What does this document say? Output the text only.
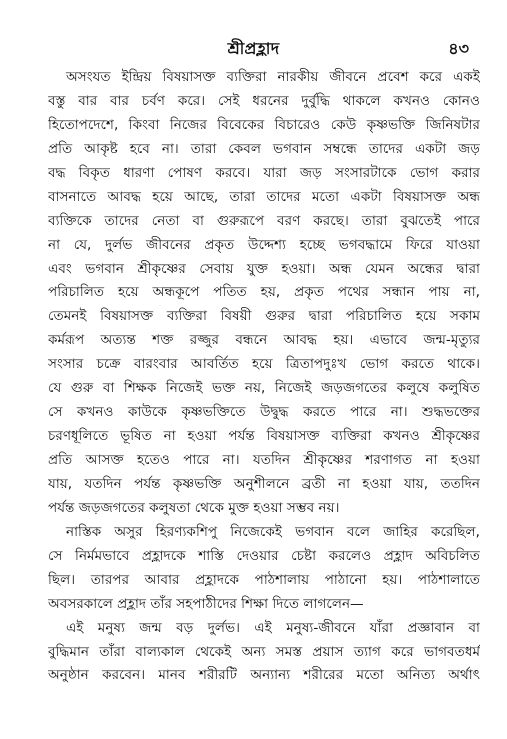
শ্রীপ্রহ্লাদ	৪৩
অসংযত ইন্দ্রিয় বিষয়াসক্ত ব্যক্তিরা নারকীয় জীবনে প্রবেশ করে একই
বস্তু বার বার চর্বণ করে। সেই ধরনের দুর্বুদ্ধি থাকলে কখনও কোনও
হিতোপদেশে, কিংবা নিজের বিবেকের বিচারেও কেউ কৃষ্ণভক্তি জিনিষটার
প্রতি আকৃষ্ট হবে না। তারা কেবল ভগবান সম্বন্ধে তাদের একটা জড়
বদ্ধ বিকৃত ধারণা পোষণ করবে। যারা জড় সংসারটাকে ভোগ করার
বাসনাতে আবদ্ধ হয়ে আছে, তারা তাদের মতো একটা বিষয়াসক্ত অন্ধ
ব্যক্তিকে তাদের নেতা বা গুরুরূপে বরণ করছে। তারা বুঝতেই পারে
না যে, দুর্লভ জীবনের প্রকৃত উদ্দেশ্য হচ্ছে ভগবদ্ধামে ফিরে যাওয়া
এবং ভগবান শ্রীকৃষ্ণের সেবায় যুক্ত হওয়া। অন্ধ যেমন অন্ধের দ্বারা
পরিচালিত হয়ে অন্ধকূপে পতিত হয়, প্রকৃত পথের সন্ধান পায় না,
তেমনই বিষয়াসক্ত ব্যক্তিরা বিষয়ী গুরুর দ্বারা পরিচালিত হয়ে সকাম
কর্মরূপ অত্যন্ত শক্ত রজ্জুর বন্ধনে আবদ্ধ হয়। এভাবে জন্ম-মৃত্যুর
সংসার চক্রে বারংবার আবর্তিত হয়ে ত্রিতাপদুঃখ ভোগ করতে থাকে।
যে গুরু বা শিক্ষক নিজেই ভক্ত নয়, নিজেই জড়জগতের কলুষে কলুষিত
সে কখনও কাউকে কৃষ্ণভক্তিতে উদ্বুদ্ধ করতে পারে না। শুদ্ধভক্তের
চরণধূলিতে ভূষিত না হওয়া পর্যন্ত বিষয়াসক্ত ব্যক্তিরা কখনও শ্রীকৃষ্ণের
প্রতি আসক্ত হতেও পারে না। যতদিন শ্রীকৃষ্ণের শরণাগত না হওয়া
যায়, যতদিন পর্যন্ত কৃষ্ণভক্তি অনুশীলনে ব্রতী না হওয়া যায়, ততদিন
পর্যন্ত জড়জগতের কলুষতা থেকে মুক্ত হওয়া সম্ভব নয়।
নাস্তিক অসুর হিরণ্যকশিপু নিজেকেই ভগবান বলে জাহির করেছিল,
সে নির্মমভাবে প্রহ্লাদকে শাস্তি দেওয়ার চেষ্টা করলেও প্রহ্লাদ অবিচলিত
ছিল। তারপর আবার প্রহ্লাদকে পাঠশালায় পাঠানো হয়। পাঠশালাতে
অবসরকালে প্রহ্লাদ তাঁর সহপাঠীদের শিক্ষা দিতে লাগলেন—
এই মনুষ্য জন্ম বড় দুর্লভ। এই মনুষ্য-জীবনে যাঁরা প্রজ্ঞাবান বা
বুদ্ধিমান তাঁরা বাল্যকাল থেকেই অন্য সমস্ত প্রয়াস ত্যাগ করে ভাগবতধর্ম
অনুষ্ঠান করবেন। মানব শরীরটি অন্যান্য শরীরের মতো অনিত্য অর্থাৎ
